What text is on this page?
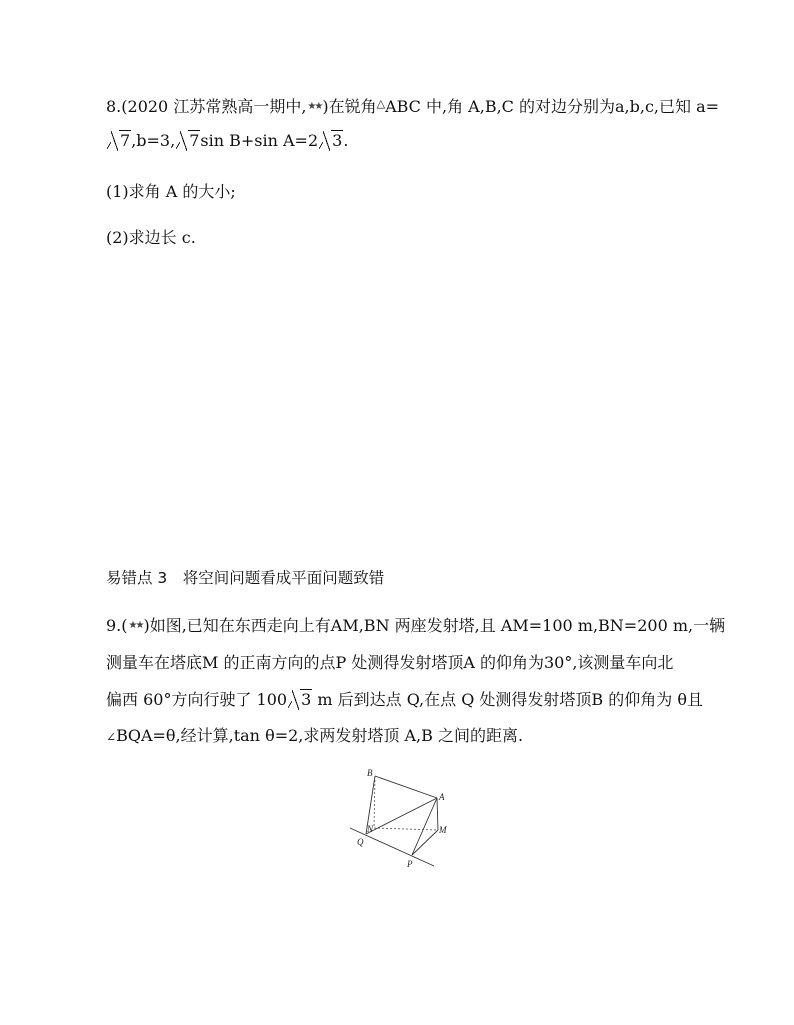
8.(2020 江苏常熟高一期中,★★)在锐角△ABC 中,角 A,B,C 的对边分别为a,b,c,已知 a=
7,b=3, 7sin B+sin A=2 3.
(1)求角 A 的大小;
(2)求边长 c.
易错点 3　将空间问题看成平面问题致错
9.(★★)如图,已知在东西走向上有AM,BN 两座发射塔,且 AM=100 m,BN=200 m,一辆
测量车在塔底M 的正南方向的点P 处测得发射塔顶A 的仰角为30°,该测量车向北
偏西 60°方向行驶了 100 3 m 后到达点 Q,在点 Q 处测得发射塔顶B 的仰角为 θ且
∠BQA=θ,经计算,tan θ=2,求两发射塔顶 A,B 之间的距离.
B
A
N	M
Q
P
